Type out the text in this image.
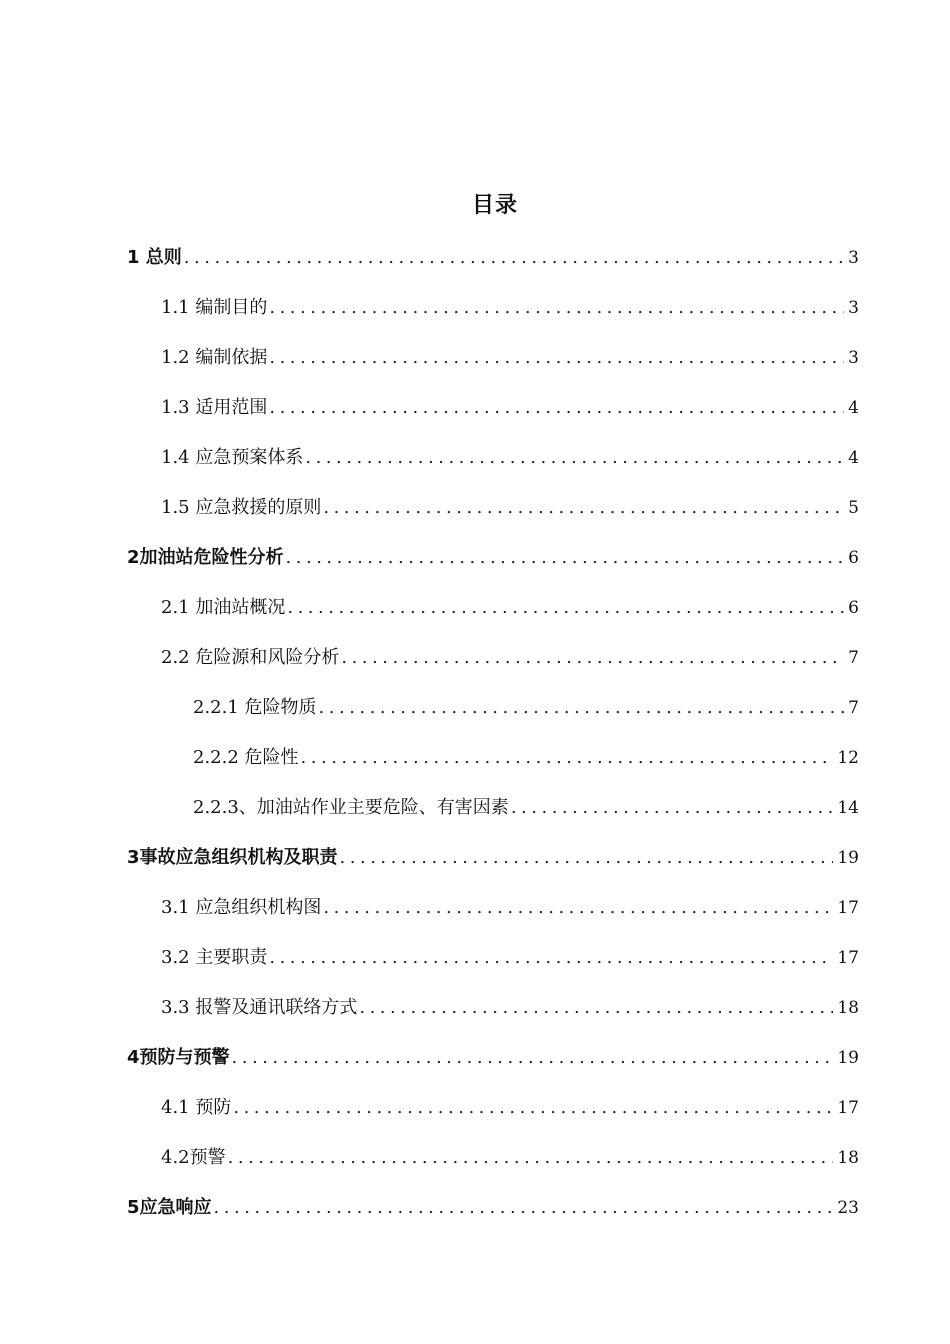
目录
1 总则 .....	3
1.1 编制目的 .....	3
1.2 编制依据 .....	3
1.3 适用范围 .....	4
1.4 应急预案体系 .....	4
1.5 应急救援的原则 .....	5
2加油站危险性分析 .....	6
2.1 加油站概况 .....	6
2.2 危险源和风险分析 .....	7
2.2.1 危险物质 .....	7
2.2.2 危险性 .....	12
2.2.3、加油站作业主要危险、有害因素 .....	14
3事故应急组织机构及职责 .....	19
3.1 应急组织机构图 .....	17
3.2 主要职责 .....	17
3.3 报警及通讯联络方式 .....	18
4预防与预警 .....	19
4.1 预防 .....	17
4.2预警 .....	18
5应急响应 .....	23
